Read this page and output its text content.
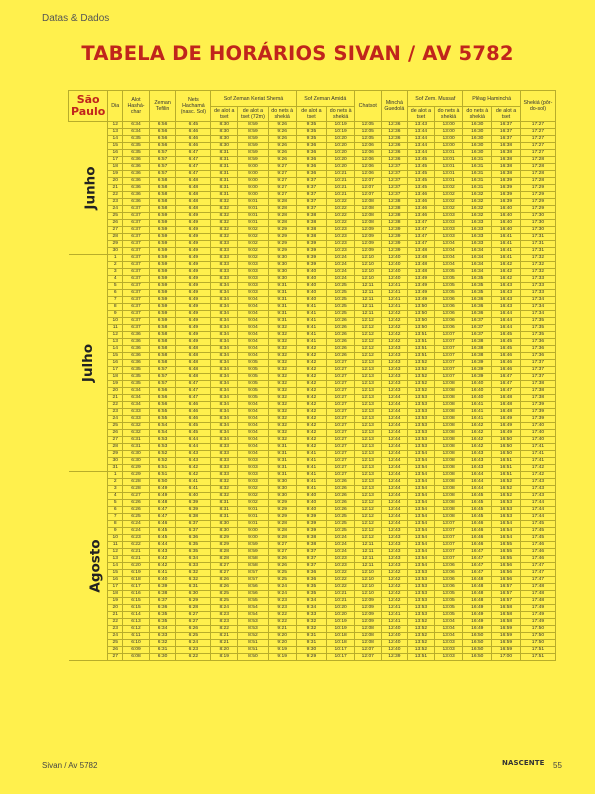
Datas & Dados
TABELA DE HORÁRIOS SIVAN / AV 5782
São Paulo	Dia	Alot Hashá-char	Zeman Tefilin	Nets Hachamá (nasc. Sol)	Sof Zeman Keriat Shemá			Sof Zeman Amidá		Chatsot	Minchá Guedolá	Sof Zem. Mussaf		Plêag Haminchá		Shekiá (pôr-do-sol)
					de alot a tset	de alot a tset (72m)	do nets à shekiá	de alot a tset	do nets à shekiá			de alot a tset	do nets à shekiá	do nets à shekiá	de alot a tset	
Junho	12	6:34	6:56	6:45	8:30	8:59	9:26	9:35	10:19	12:05	12:36	13:43	13:00	16:30	16:37	17:27
	13	6:34	6:56	6:46	8:30	8:59	9:26	9:35	10:19	12:05	12:36	13:44	13:00	16:30	16:37	17:27
	14	6:35	6:56	6:46	8:30	8:59	9:26	9:35	10:20	12:05	12:36	13:44	13:00	16:30	16:37	17:27
	15	6:35	6:56	6:46	8:30	8:59	9:26	9:36	10:20	12:06	12:36	13:44	13:00	16:30	16:38	17:27
	16	6:35	6:57	6:47	8:31	8:59	9:26	9:36	10:20	12:06	12:36	13:44	13:01	16:30	16:38	17:27
	17	6:36	6:57	6:47	8:31	8:59	9:26	9:36	10:20	12:06	12:36	13:45	13:01	16:31	16:38	17:28
	18	6:36	6:57	6:47	8:31	9:00	9:27	9:36	10:20	12:06	12:37	13:45	13:01	16:31	16:38	17:28
	19	6:36	6:57	6:47	8:31	9:00	9:27	9:36	10:21	12:06	12:37	13:45	13:01	16:31	16:38	17:28
	20	6:36	6:58	6:48	8:31	9:00	9:27	9:37	10:21	12:07	12:37	13:45	13:01	16:31	16:39	17:28
	21	6:36	6:58	6:48	8:31	9:00	9:27	9:37	10:21	12:07	12:37	13:45	13:02	16:31	16:39	17:29
	22	6:36	6:58	6:48	8:31	9:00	9:27	9:37	10:21	12:07	12:37	13:46	13:02	16:32	16:39	17:29
	23	6:36	6:58	6:48	8:32	9:01	9:28	9:37	10:22	12:08	12:38	13:46	13:02	16:32	16:39	17:29
	24	6:37	6:58	6:48	8:32	9:01	9:28	9:37	10:22	12:08	12:38	13:46	13:02	16:32	16:40	17:29
	25	6:37	6:59	6:49	8:32	9:01	9:28	9:38	10:22	12:08	12:38	13:46	13:03	16:32	16:40	17:30
	26	6:37	6:59	6:49	8:32	9:01	9:28	9:38	10:22	12:08	12:38	13:47	13:03	16:33	16:40	17:30
	27	6:37	6:59	6:49	8:32	9:02	9:29	9:38	10:23	12:09	12:39	13:47	13:03	16:33	16:40	17:30
	28	6:37	6:59	6:49	8:32	9:02	9:29	9:38	10:23	12:09	12:39	13:47	13:03	16:33	16:41	17:31
	29	6:37	6:59	6:49	8:33	9:02	9:29	9:39	10:23	12:09	12:39	13:47	13:04	16:33	16:41	17:31
	30	6:37	6:59	6:49	8:33	9:02	9:29	9:39	10:23	12:09	12:39	13:48	13:04	16:34	16:41	17:31
Julho	1	6:37	6:59	6:49	8:33	9:02	9:30	9:39	10:24	12:10	12:40	13:48	13:04	16:34	16:41	17:32
	2	6:37	6:59	6:49	8:33	9:03	9:30	9:39	10:24	12:10	12:40	13:48	13:04	16:34	16:42	17:32
	3	6:37	6:59	6:49	8:33	9:03	9:30	9:40	10:24	12:10	12:40	13:48	13:05	16:34	16:42	17:32
	4	6:37	6:59	6:49	8:33	9:03	9:30	9:40	10:24	12:10	12:40	13:49	13:05	16:35	16:42	17:33
	5	6:37	6:59	6:49	8:34	9:03	9:31	9:40	10:25	12:11	12:41	13:49	13:05	16:35	16:43	17:33
	6	6:37	6:59	6:49	8:34	9:03	9:31	9:40	10:25	12:11	12:41	13:49	13:05	16:35	16:43	17:33
	7	6:37	6:59	6:49	8:34	9:04	9:31	9:40	10:25	12:11	12:41	13:49	13:06	16:36	16:43	17:34
	8	6:37	6:59	6:49	8:34	9:04	9:31	9:41	10:25	12:11	12:41	13:50	13:06	16:36	16:43	17:34
	9	6:37	6:59	6:49	8:34	9:04	9:31	9:41	10:25	12:11	12:42	13:50	13:06	16:36	16:44	17:34
	10	6:37	6:59	6:49	8:34	9:04	9:31	9:41	10:26	12:12	12:42	13:50	13:06	16:37	16:44	17:35
	11	6:37	6:58	6:49	8:34	9:04	9:32	9:41	10:26	12:12	12:42	13:50	13:06	16:37	16:44	17:35
	12	6:36	6:58	6:49	8:34	9:04	9:32	9:41	10:26	12:12	12:42	13:51	13:07	16:37	16:45	17:35
	13	6:36	6:58	6:49	8:34	9:04	9:32	9:41	10:26	12:12	12:42	13:51	13:07	16:38	16:45	17:36
	14	6:36	6:58	6:48	8:34	9:04	9:32	9:42	10:26	12:12	12:43	13:51	13:07	16:38	16:45	17:36
	15	6:36	6:58	6:48	8:34	9:04	9:32	9:42	10:26	12:12	12:43	13:51	13:07	16:38	16:46	17:36
	16	6:36	6:58	6:48	8:34	9:05	9:32	9:42	10:27	12:13	12:43	13:52	13:07	16:39	16:46	17:37
	17	6:35	6:57	6:48	8:34	9:05	9:32	9:42	10:27	12:13	12:43	13:52	13:07	16:39	16:46	17:37
	18	6:35	6:57	6:48	8:34	9:05	9:32	9:42	10:27	12:13	12:43	13:52	13:07	16:39	16:47	17:37
	19	6:35	6:57	6:47	8:34	9:05	9:32	9:42	10:27	12:13	12:43	13:52	13:08	16:40	16:47	17:38
	20	6:34	6:56	6:47	8:34	9:05	9:32	9:42	10:27	12:13	12:43	13:52	13:08	16:40	16:47	17:38
	21	6:34	6:56	6:47	8:34	9:05	9:32	9:42	10:27	12:13	12:44	13:53	13:08	16:40	16:48	17:38
	22	6:34	6:56	6:46	8:34	9:04	9:32	9:42	10:27	12:13	12:44	13:53	13:08	16:41	16:48	17:39
	23	6:33	6:55	6:46	8:34	9:04	9:32	9:42	10:27	12:13	12:44	13:53	13:08	16:41	16:48	17:39
	24	6:33	6:55	6:46	8:34	9:04	9:32	9:42	10:27	12:13	12:44	13:53	13:08	16:41	16:49	17:39
	25	6:32	6:54	6:45	8:34	9:04	9:32	9:42	10:27	12:13	12:44	13:53	13:08	16:42	16:49	17:40
	26	6:32	6:54	6:45	8:34	9:04	9:32	9:42	10:27	12:13	12:44	13:53	13:08	16:42	16:49	17:40
	27	6:31	6:53	6:44	8:34	9:04	9:32	9:42	10:27	12:13	12:44	13:53	13:08	16:42	16:50	17:40
	28	6:31	6:53	6:44	8:33	9:04	9:31	9:42	10:27	12:13	12:44	13:53	13:08	16:42	16:50	17:41
	29	6:30	6:52	6:43	8:33	9:04	9:31	9:41	10:27	12:13	12:44	13:54	13:08	16:43	16:50	17:41
	30	6:30	6:52	6:43	8:33	9:03	9:31	9:41	10:27	12:13	12:44	13:54	13:08	16:43	16:51	17:41
	31	6:29	6:51	6:42	8:33	9:03	9:31	9:41	10:27	12:13	12:44	13:54	13:08	16:43	16:51	17:42
Agosto	1	6:29	6:51	6:42	8:33	9:03	9:31	9:41	10:27	12:13	12:44	13:54	13:08	16:44	16:51	17:42
	2	6:28	6:50	6:41	8:32	9:03	9:30	9:41	10:26	12:13	12:44	13:54	13:08	16:44	16:52	17:43
	3	6:28	6:49	6:41	8:32	9:02	9:30	9:41	10:26	12:13	12:44	13:54	13:08	16:44	16:52	17:43
	4	6:27	6:49	6:40	8:32	9:02	9:30	9:40	10:26	12:13	12:44	13:54	13:08	16:45	16:52	17:43
	5	6:26	6:48	6:39	8:31	9:02	9:29	9:40	10:26	12:12	12:44	13:54	13:08	16:45	16:53	17:44
	6	6:26	6:47	6:39	8:31	9:01	9:29	9:40	10:26	12:12	12:44	13:54	13:08	16:45	16:53	17:44
	7	6:25	6:47	6:38	8:31	9:01	9:29	9:39	10:25	12:12	12:44	13:54	13:08	16:45	16:53	17:44
	8	6:24	6:46	6:37	8:30	9:01	9:28	9:39	10:25	12:12	12:44	13:54	13:07	16:46	16:54	17:45
	9	6:24	6:45	6:37	8:30	9:00	9:28	9:39	10:25	12:12	12:43	13:54	13:07	16:46	16:54	17:45
	10	6:23	6:45	6:36	8:29	9:00	9:28	9:38	10:24	12:12	12:43	13:54	13:07	16:46	16:54	17:45
	11	6:22	6:44	6:35	8:29	8:59	9:27	9:38	10:24	12:11	12:43	13:54	13:07	16:46	16:55	17:46
	12	6:21	6:43	6:35	8:28	8:59	9:27	9:37	10:24	12:11	12:43	13:54	13:07	16:47	16:55	17:46
	13	6:21	6:42	6:34	8:28	8:58	9:26	9:37	10:23	12:11	12:43	13:54	13:07	16:47	16:55	17:46
	14	6:20	6:42	6:33	8:27	8:58	9:26	9:37	10:23	12:11	12:43	13:54	13:06	16:47	16:56	17:47
	15	6:19	6:41	6:32	8:27	8:57	9:25	9:36	10:22	12:10	12:42	13:53	13:06	16:47	16:56	17:47
	16	6:18	6:40	6:32	8:26	8:57	9:25	9:36	10:22	12:10	12:42	13:53	13:06	16:48	16:56	17:47
	17	6:17	6:39	6:31	8:26	8:56	9:24	9:35	10:22	12:10	12:42	13:53	13:06	16:48	16:57	17:48
	18	6:16	6:38	6:30	8:25	8:56	9:24	9:35	10:21	12:10	12:42	13:53	13:05	16:48	16:57	17:48
	19	6:15	6:37	6:29	8:25	8:55	9:23	9:34	10:21	12:09	12:42	13:53	13:05	16:48	16:57	17:48
	20	6:15	6:36	6:28	8:24	8:54	9:23	9:34	10:20	12:09	12:41	13:53	13:05	16:49	16:58	17:49
	21	6:14	6:35	6:27	8:23	8:54	9:22	9:33	10:20	12:09	12:41	13:53	13:05	16:49	16:58	17:49
	22	6:13	6:35	6:27	8:23	8:53	9:22	9:32	10:19	12:09	12:41	13:52	13:04	16:49	16:58	17:49
	23	6:12	6:34	6:26	8:22	8:53	9:21	9:32	10:19	12:08	12:40	13:52	13:04	16:49	16:59	17:50
	24	6:11	6:33	6:25	8:21	8:52	9:20	9:31	10:18	12:08	12:40	13:52	13:04	16:50	16:59	17:50
	25	6:10	6:32	6:24	8:21	8:51	9:20	9:31	10:18	12:08	12:40	13:52	13:03	16:50	16:59	17:50
	26	6:09	6:31	6:23	8:20	8:51	9:19	9:30	10:17	12:07	12:40	13:52	13:03	16:50	16:59	17:51
	27	6:08	6:30	6:22	8:19	8:50	9:19	9:29	10:17	12:07	12:39	13:51	13:03	16:50	17:00	17:51
Sivan / Av 5782	NASCENTE 55
